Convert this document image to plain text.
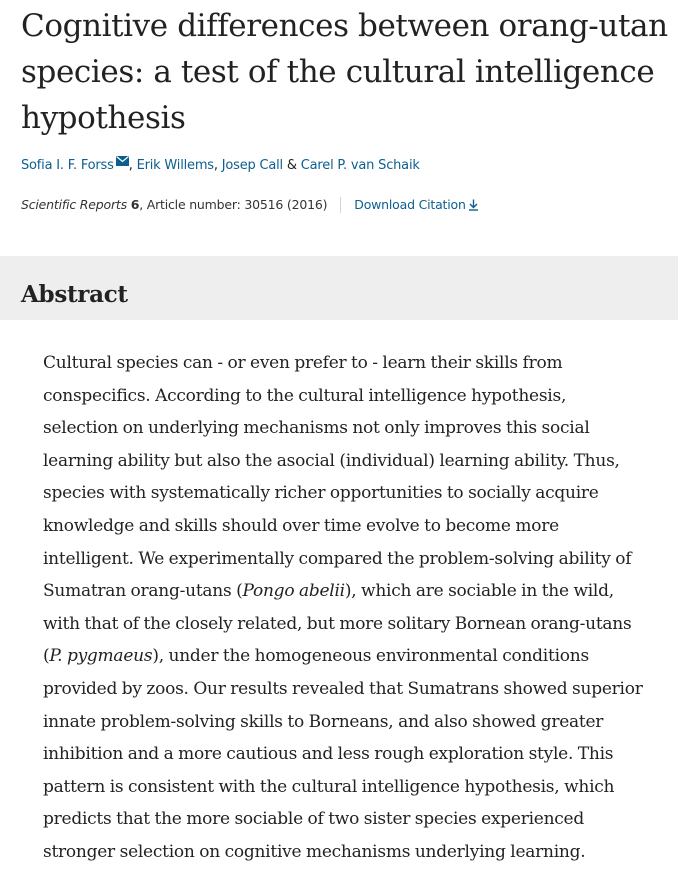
Cognitive differences between orang-utan species: a test of the cultural intelligence hypothesis
Sofia I. F. Forss , Erik Willems, Josep Call & Carel P. van Schaik
Scientific Reports 6, Article number: 30516 (2016) Download Citation
Abstract

Cultural species can - or even prefer to - learn their skills from
conspecifics. According to the cultural intelligence hypothesis,
selection on underlying mechanisms not only improves this social
learning ability but also the asocial (individual) learning ability. Thus,
species with systematically richer opportunities to socially acquire
knowledge and skills should over time evolve to become more
intelligent. We experimentally compared the problem-solving ability of
Sumatran orang-utans (Pongo abelii), which are sociable in the wild,
with that of the closely related, but more solitary Bornean orang-utans
(P. pygmaeus), under the homogeneous environmental conditions
provided by zoos. Our results revealed that Sumatrans showed superior
innate problem-solving skills to Borneans, and also showed greater
inhibition and a more cautious and less rough exploration style. This
pattern is consistent with the cultural intelligence hypothesis, which
predicts that the more sociable of two sister species experienced
stronger selection on cognitive mechanisms underlying learning.
